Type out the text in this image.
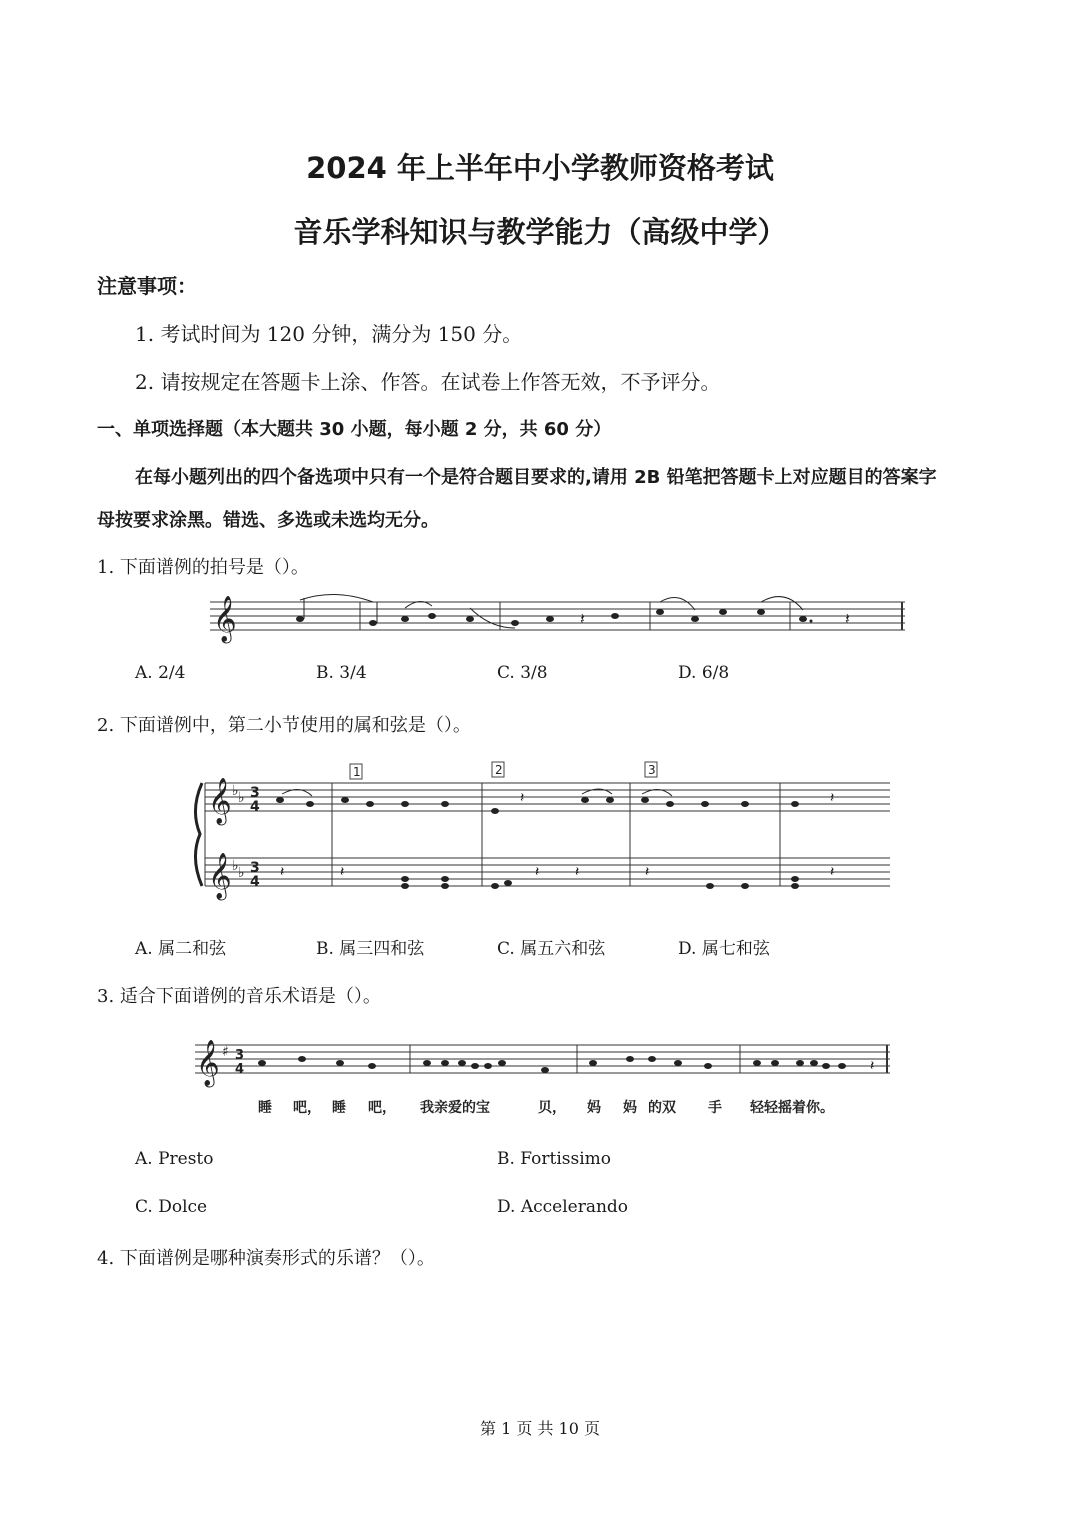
2024 年上半年中小学教师资格考试
音乐学科知识与教学能力（高级中学）
注意事项：
1. 考试时间为 120 分钟，满分为 150 分。
2. 请按规定在答题卡上涂、作答。在试卷上作答无效，不予评分。
一、单项选择题（本大题共 30 小题，每小题 2 分，共 60 分）
在每小题列出的四个备选项中只有一个是符合题目要求的,请用 2B 铅笔把答题卡上对应题目的答案字
母按要求涂黑。错选、多选或未选均无分。
1. 下面谱例的拍号是（）。
𝄞	𝄽	𝄽
A. 2/4	B. 3/4	C. 3/8	D. 6/8
2. 下面谱例中，第二小节使用的属和弦是（）。
𝄞
𝄞
♭ ♭
♭ ♭
3
4
3
4
1	2	3
𝄽	𝄽
𝄽
𝄽	𝄽	𝄽
𝄽
𝄽
A. 属二和弦	B. 属三四和弦	C. 属五六和弦	D. 属七和弦
3. 适合下面谱例的音乐术语是（）。
𝄞 ♯ 3
4	𝄽
睡 吧， 睡 吧， 我亲爱的宝	贝， 妈 妈 的双 手 轻轻摇着你。
A. Presto	B. Fortissimo
C. Dolce	D. Accelerando
4. 下面谱例是哪种演奏形式的乐谱？（）。
第 1 页 共 10 页
